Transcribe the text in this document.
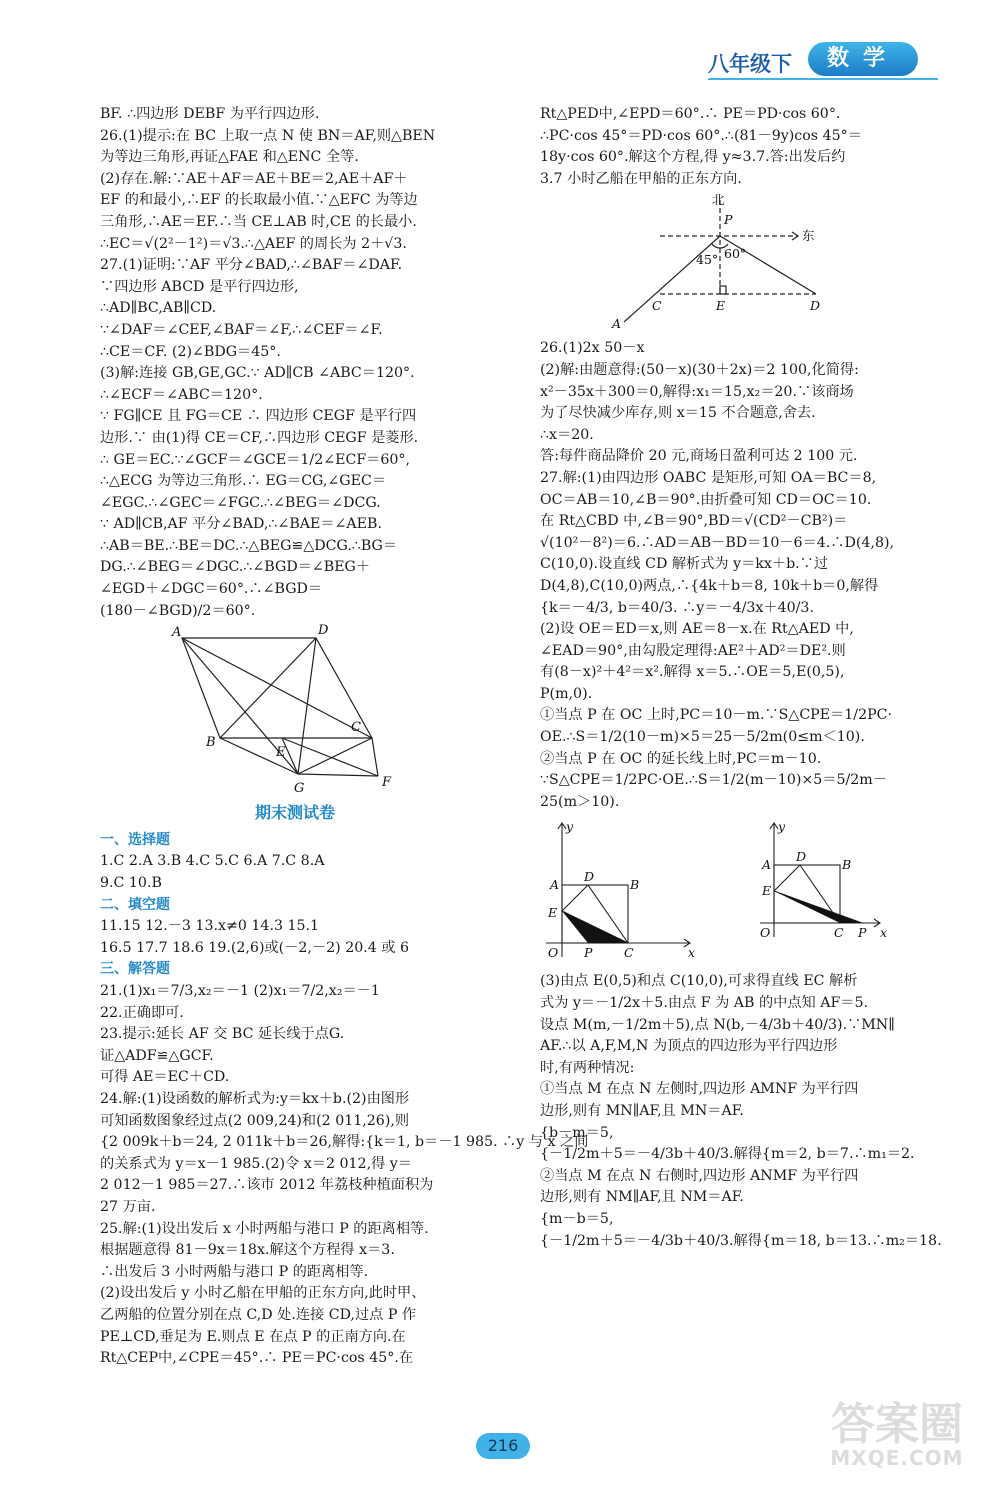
八年级下	数学
BF. ∴四边形 DEBF 为平行四边形.
26.(1)提示:在 BC 上取一点 N 使 BN＝AF,则△BEN
为等边三角形,再证△FAE 和△ENC 全等.
(2)存在.解:∵AE＋AF＝AE＋BE＝2,AE＋AF＋
EF 的和最小,∴EF 的长取最小值.∵△EFC 为等边
三角形,∴AE＝EF.∴当 CE⊥AB 时,CE 的长最小.
∴EC＝√(2²－1²)＝√3.∴△AEF 的周长为 2＋√3.
27.(1)证明:∵AF 平分∠BAD,∴∠BAF＝∠DAF.
∵四边形 ABCD 是平行四边形,
∴AD∥BC,AB∥CD.
∵∠DAF＝∠CEF,∠BAF＝∠F,∴∠CEF＝∠F.
∴CE＝CF. (2)∠BDG＝45°.
(3)解:连接 GB,GE,GC.∵ AD∥CB ∠ABC＝120°.
∴∠ECF＝∠ABC＝120°.
∵ FG∥CE 且 FG＝CE ∴ 四边形 CEGF 是平行四
边形.∵ 由(1)得 CE＝CF,∴四边形 CEGF 是菱形.
∴ GE＝EC.∵∠GCF＝∠GCE＝1/2∠ECF＝60°,
∴△ECG 为等边三角形.∴ EG＝CG,∠GEC＝
∠EGC.∴∠GEC＝∠FGC.∴∠BEG＝∠DCG.
∵ AD∥CB,AF 平分∠BAD,∴∠BAE＝∠AEB.
∴AB＝BE.∴BE＝DC.∴△BEG≌△DCG.∴BG＝
DG.∴∠BEG＝∠DGC.∴∠BGD＝∠BEG＋
∠EGD＋∠DGC＝60°.∴∠BGD＝
(180－∠BGD)/2＝60°.
A	D
B
C
E
F
G
期末测试卷
一、选择题
1.C 2.A 3.B 4.C 5.C 6.A 7.C 8.A
9.C 10.B
二、填空题
11.15 12.－3 13.x≠0 14.3 15.1
16.5 17.7 18.6 19.(2,6)或(－2,－2) 20.4 或 6
三、解答题
21.(1)x₁＝7/3,x₂＝－1 (2)x₁＝7/2,x₂＝－1
22.正确即可.
23.提示:延长 AF 交 BC 延长线于点G.
证△ADF≌△GCF.
可得 AE＝EC＋CD.
24.解:(1)设函数的解析式为:y＝kx＋b.(2)由图形
可知函数图象经过点(2 009,24)和(2 011,26),则
{2 009k＋b＝24, 2 011k＋b＝26,解得:{k＝1, b＝－1 985. ∴y 与 x 之间
的关系式为 y＝x－1 985.(2)令 x＝2 012,得 y＝
2 012－1 985＝27.∴该市 2012 年荔枝种植面积为
27 万亩.
25.解:(1)设出发后 x 小时两船与港口 P 的距离相等.
根据题意得 81－9x＝18x.解这个方程得 x＝3.
∴出发后 3 小时两船与港口 P 的距离相等.
(2)设出发后 y 小时乙船在甲船的正东方向,此时甲、
乙两船的位置分别在点 C,D 处.连接 CD,过点 P 作
PE⊥CD,垂足为 E.则点 E 在点 P 的正南方向.在
Rt△CEP中,∠CPE＝45°.∴ PE＝PC·cos 45°.在
Rt△PED中,∠EPD＝60°.∴ PE＝PD·cos 60°.
∴PC·cos 45°＝PD·cos 60°.∴(81－9y)cos 45°＝
18y·cos 60°.解这个方程,得 y≈3.7.答:出发后约
3.7 小时乙船在甲船的正东方向.
北
东
P
45° 60°
A
C	E	D
26.(1)2x 50－x
(2)解:由题意得:(50－x)(30＋2x)＝2 100,化简得:
x²－35x＋300＝0,解得:x₁＝15,x₂＝20.∵该商场
为了尽快减少库存,则 x＝15 不合题意,舍去.
∴x＝20.
答:每件商品降价 20 元,商场日盈利可达 2 100 元.
27.解:(1)由四边形 OABC 是矩形,可知 OA＝BC＝8,
OC＝AB＝10,∠B＝90°.由折叠可知 CD＝OC＝10.
在 Rt△CBD 中,∠B＝90°,BD＝√(CD²－CB²)＝
√(10²－8²)＝6.∴AD＝AB－BD＝10－6＝4.∴D(4,8),
C(10,0).设直线 CD 解析式为 y＝kx＋b.∵过
D(4,8),C(10,0)两点,∴{4k＋b＝8, 10k＋b＝0,解得
{k＝－4/3, b＝40/3. ∴y＝－4/3x＋40/3.
(2)设 OE＝ED＝x,则 AE＝8－x.在 Rt△AED 中,
∠EAD＝90°,由勾股定理得:AE²＋AD²＝DE².则
有(8－x)²＋4²＝x².解得 x＝5.∴OE＝5,E(0,5),
P(m,0).
①当点 P 在 OC 上时,PC＝10－m.∵S△CPE＝1/2PC·
OE.∴S＝1/2(10－m)×5＝25－5/2m(0≤m＜10).
②当点 P 在 OC 的延长线上时,PC＝m－10.
∵S△CPE＝1/2PC·OE.∴S＝1/2(m－10)×5＝5/2m－
25(m＞10).
y
x
O
A
D
B
E
P	C
y
x
O
A
D
B
E
C P
(3)由点 E(0,5)和点 C(10,0),可求得直线 EC 解析
式为 y＝－1/2x＋5.由点 F 为 AB 的中点知 AF＝5.
设点 M(m,－1/2m＋5),点 N(b,－4/3b＋40/3).∵MN∥
AF.∴以 A,F,M,N 为顶点的四边形为平行四边形
时,有两种情况:
①当点 M 在点 N 左侧时,四边形 AMNF 为平行四
边形,则有 MN∥AF,且 MN＝AF.
{b－m＝5,
{－1/2m＋5＝－4/3b＋40/3.解得{m＝2, b＝7.∴m₁＝2.
②当点 M 在点 N 右侧时,四边形 ANMF 为平行四
边形,则有 NM∥AF,且 NM＝AF.
{m－b＝5,
{－1/2m＋5＝－4/3b＋40/3.解得{m＝18, b＝13.∴m₂＝18.
216	答案圈
MXQE.COM
